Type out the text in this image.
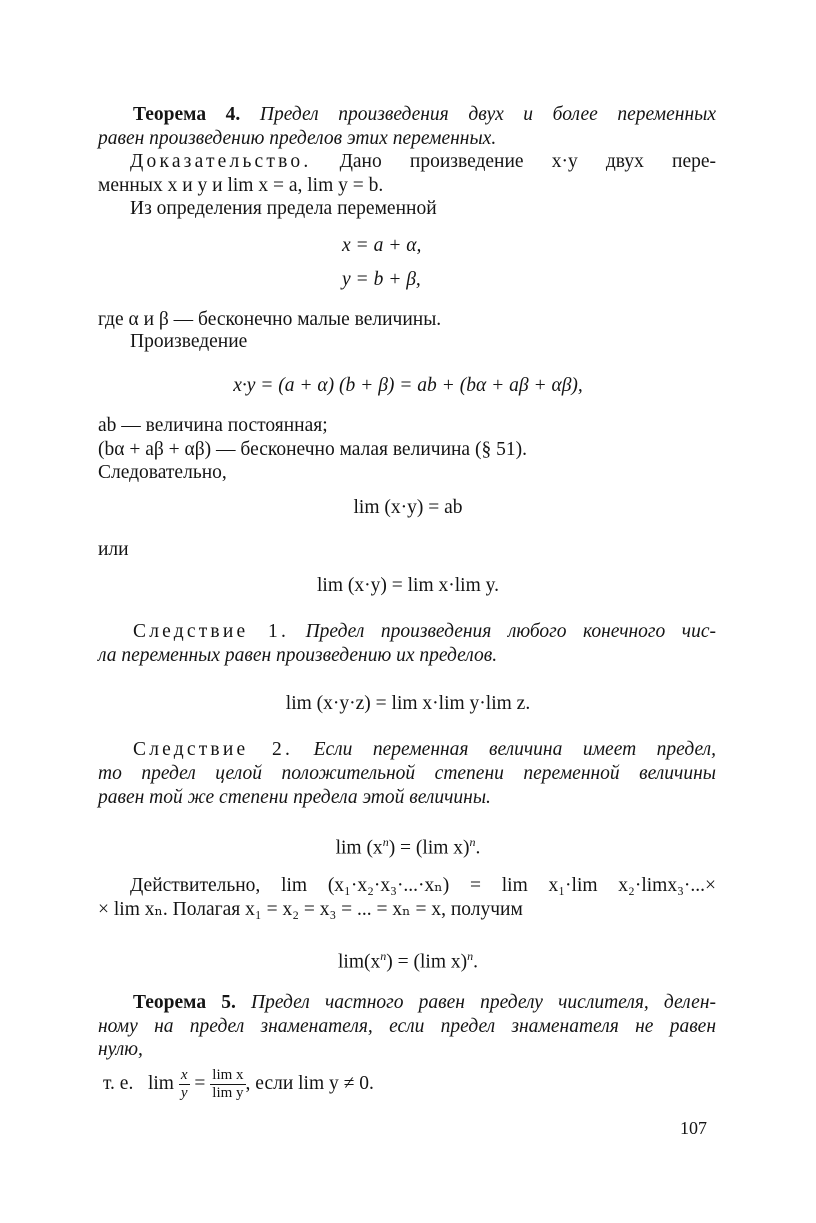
Теорема 4. Предел произведения двух и более переменных
равен произведению пределов этих переменных.
Доказательство. Дано произведение x·y двух пере-
менных x и y и lim x = a, lim y = b.
Из определения предела переменной
x = a + α,
y = b + β,
где α и β — бесконечно малые величины.
Произведение
x·y = (a + α) (b + β) = ab + (bα + aβ + αβ),
ab — величина постоянная;
(bα + aβ + αβ) — бесконечно малая величина (§ 51).
Следовательно,
lim (x·y) = ab
или
lim (x·y) = lim x·lim y.
Следствие 1. Предел произведения любого конечного чис-
ла переменных равен произведению их пределов.
lim (x·y·z) = lim x·lim y·lim z.
Следствие 2. Если переменная величина имеет предел,
то предел целой положительной степени переменной величины
равен той же степени предела этой величины.
$\lim (x^n) = (\lim$ x)$^n$.
Действительно, lim (x₁·x₂·x₃·...·xₙ) = lim x₁·lim x₂·limx₃·...×
× lim xₙ. Полагая x₁ = x₂ = x₃ = ... = xₙ = x, получим
$\lim(x^n) = (\lim$ x)$^n$.
Теорема 5. Предел частного равен пределу числителя, делен-
ному на предел знаменателя, если предел знаменателя не равен
нулю,
т. е. $\lim \frac{x}{y} = \frac{\text{lim x}}{\text{lim y}}$ , если lim y ≠ 0.
107
